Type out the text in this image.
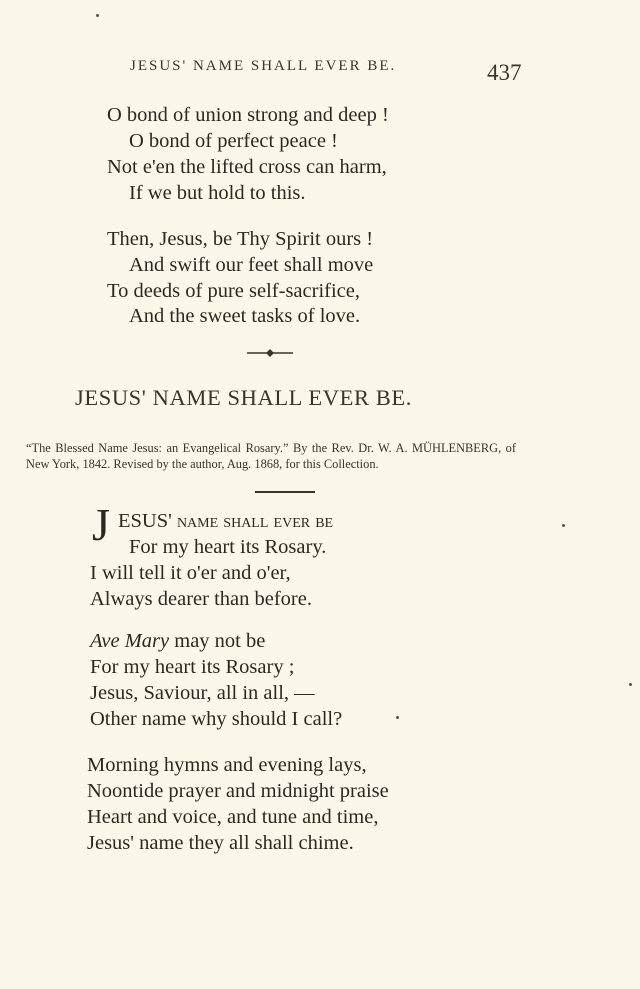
JESUS' NAME SHALL EVER BE.	437
O bond of union strong and deep !
O bond of perfect peace !
Not e'en the lifted cross can harm,
If we but hold to this.
Then, Jesus, be Thy Spirit ours !
And swift our feet shall move
To deeds of pure self-sacrifice,
And the sweet tasks of love.
JESUS' NAME SHALL EVER BE.
“The Blessed Name Jesus: an Evangelical Rosary.” By the Rev. Dr. W. A. MÜHLENBERG, of New York, 1842. Revised by the author, Aug. 1868, for this Collection.
J ESUS' name shall ever be
For my heart its Rosary.
I will tell it o'er and o'er,
Always dearer than before.
Ave Mary may not be
For my heart its Rosary ;
Jesus, Saviour, all in all, —
Other name why should I call?
Morning hymns and evening lays,
Noontide prayer and midnight praise
Heart and voice, and tune and time,
Jesus' name they all shall chime.
